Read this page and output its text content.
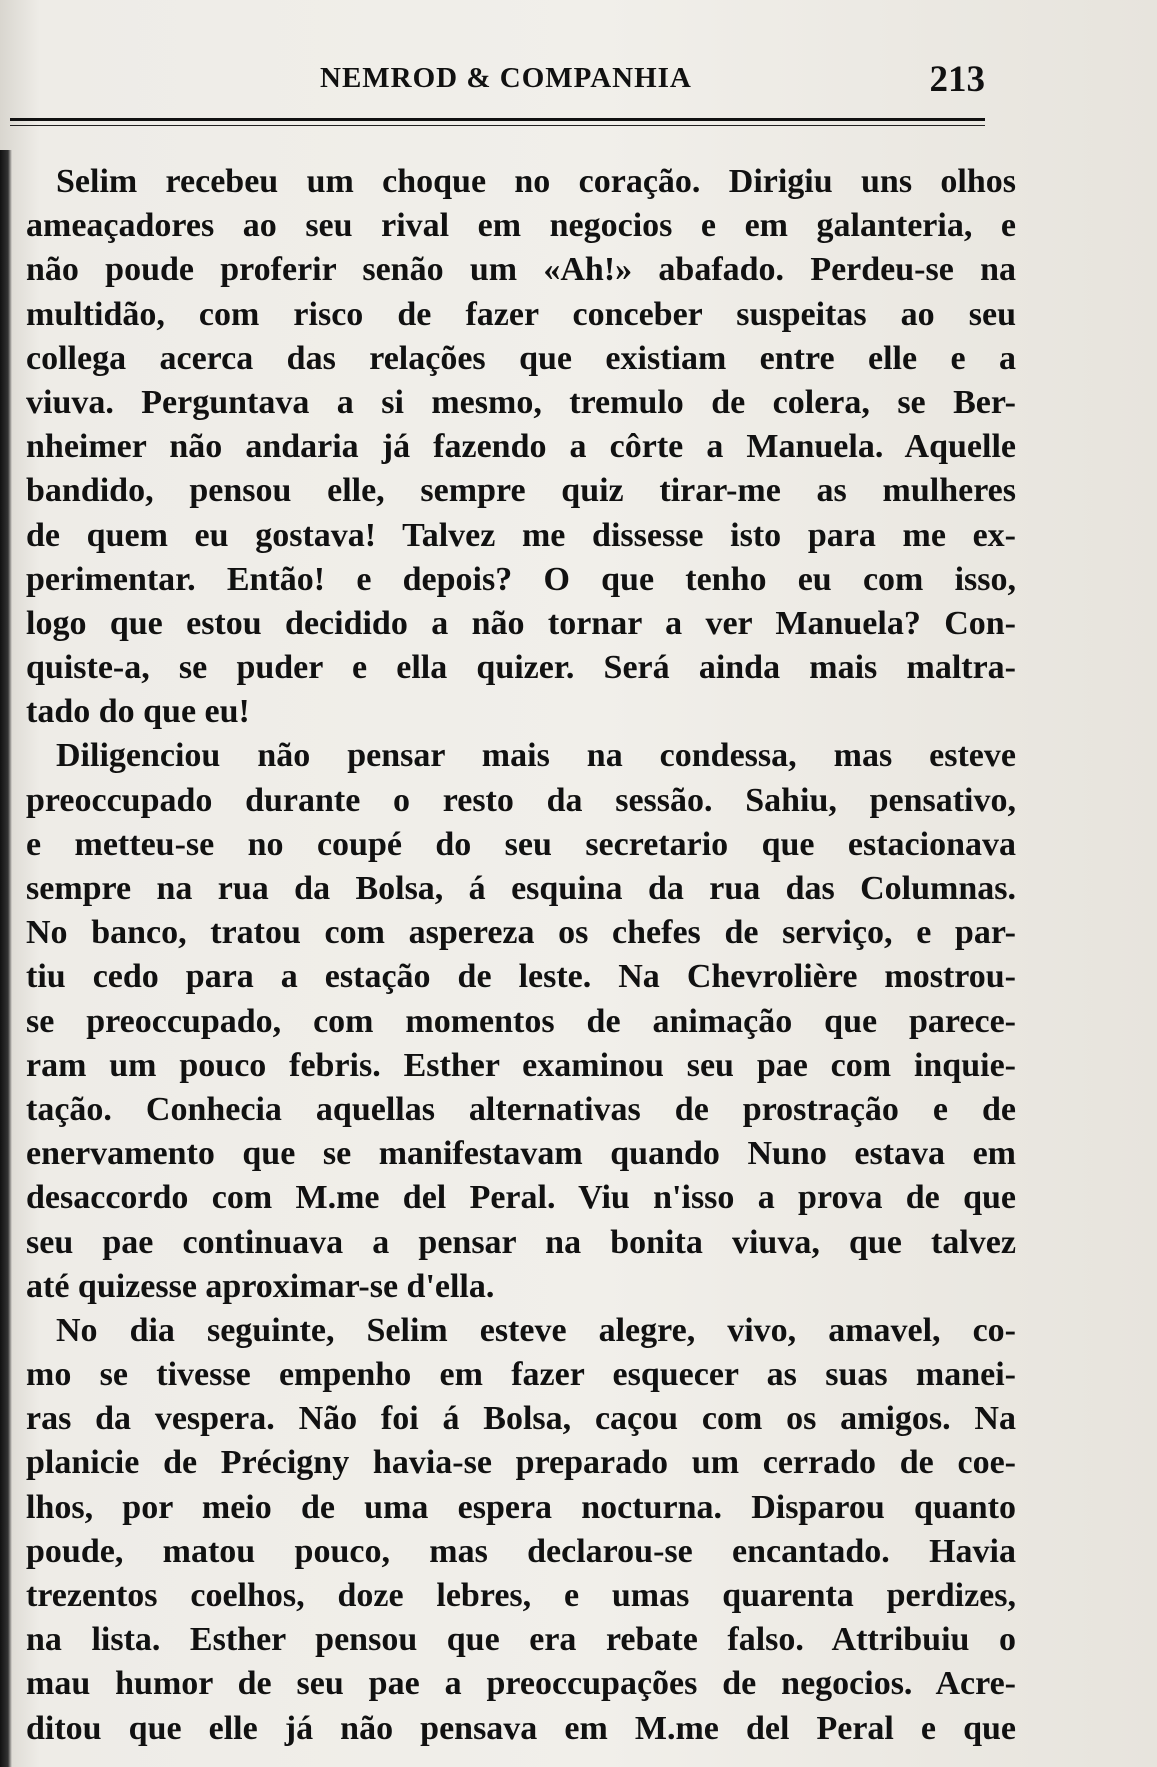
NEMROD & COMPANHIA	213
Selim recebeu um choque no coração. Dirigiu uns olhos
ameaçadores ao seu rival em negocios e em galanteria, e
não poude proferir senão um «Ah!» abafado. Perdeu-se na
multidão, com risco de fazer conceber suspeitas ao seu
collega acerca das relações que existiam entre elle e a
viuva. Perguntava a si mesmo, tremulo de colera, se Ber-
nheimer não andaria já fazendo a côrte a Manuela. Aquelle
bandido, pensou elle, sempre quiz tirar-me as mulheres
de quem eu gostava! Talvez me dissesse isto para me ex-
perimentar. Então! e depois? O que tenho eu com isso,
logo que estou decidido a não tornar a ver Manuela? Con-
quiste-a, se puder e ella quizer. Será ainda mais maltra-
tado do que eu!
Diligenciou não pensar mais na condessa, mas esteve
preoccupado durante o resto da sessão. Sahiu, pensativo,
e metteu-se no coupé do seu secretario que estacionava
sempre na rua da Bolsa, á esquina da rua das Columnas.
No banco, tratou com aspereza os chefes de serviço, e par-
tiu cedo para a estação de leste. Na Chevrolière mostrou-
se preoccupado, com momentos de animação que parece-
ram um pouco febris. Esther examinou seu pae com inquie-
tação. Conhecia aquellas alternativas de prostração e de
enervamento que se manifestavam quando Nuno estava em
desaccordo com M.me del Peral. Viu n'isso a prova de que
seu pae continuava a pensar na bonita viuva, que talvez
até quizesse aproximar-se d'ella.
No dia seguinte, Selim esteve alegre, vivo, amavel, co-
mo se tivesse empenho em fazer esquecer as suas manei-
ras da vespera. Não foi á Bolsa, caçou com os amigos. Na
planicie de Précigny havia-se preparado um cerrado de coe-
lhos, por meio de uma espera nocturna. Disparou quanto
poude, matou pouco, mas declarou-se encantado. Havia
trezentos coelhos, doze lebres, e umas quarenta perdizes,
na lista. Esther pensou que era rebate falso. Attribuiu o
mau humor de seu pae a preoccupações de negocios. Acre-
ditou que elle já não pensava em M.me del Peral e que
